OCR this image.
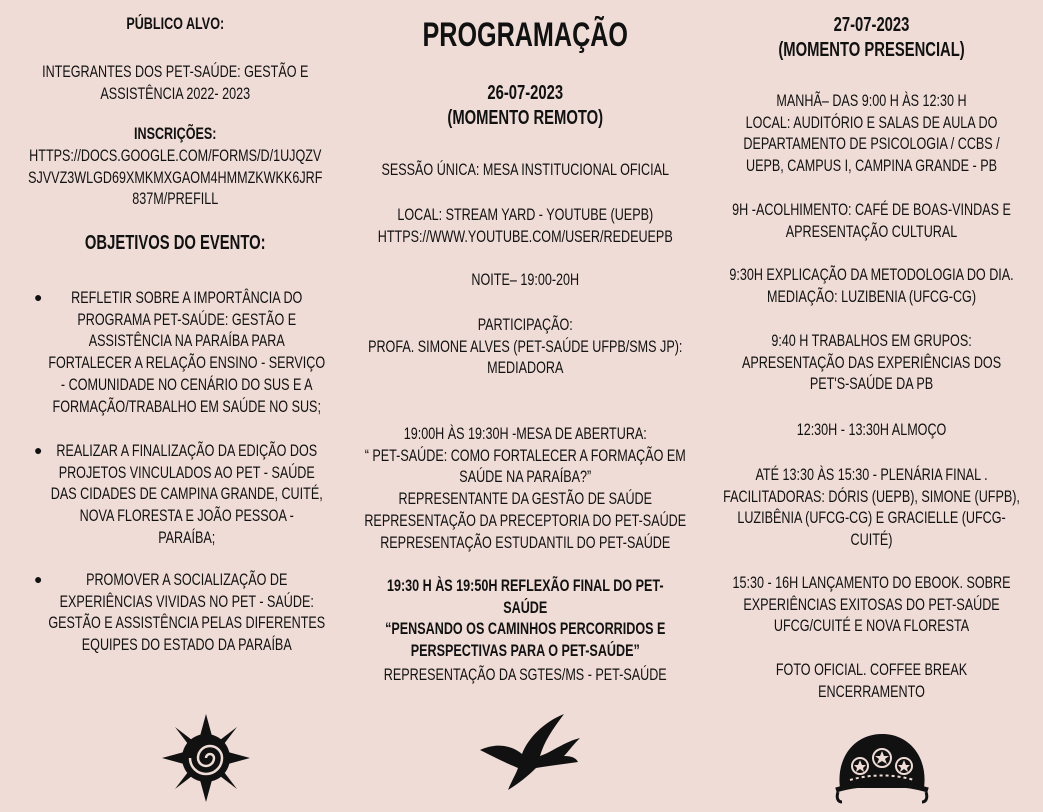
PÚBLICO ALVO:
INTEGRANTES DOS PET-SAÚDE: GESTÃO E
ASSISTÊNCIA 2022- 2023
INSCRIÇÕES:
HTTPS://DOCS.GOOGLE.COM/FORMS/D/1UJQZV
SJVVZ3WLGD69XMKMXGAOM4HMMZKWKK6JRF
837M/PREFILL
OBJETIVOS DO EVENTO:
●	REFLETIR SOBRE A IMPORTÂNCIA DO
PROGRAMA PET-SAÚDE: GESTÃO E
ASSISTÊNCIA NA PARAÍBA PARA
FORTALECER A RELAÇÃO ENSINO - SERVIÇO
- COMUNIDADE NO CENÁRIO DO SUS E A
FORMAÇÃO/TRABALHO EM SAÚDE NO SUS;
● REALIZAR A FINALIZAÇÃO DA EDIÇÃO DOS
PROJETOS VINCULADOS AO PET - SAÚDE
DAS CIDADES DE CAMPINA GRANDE, CUITÉ,
NOVA FLORESTA E JOÃO PESSOA -
PARAÍBA;
●	PROMOVER A SOCIALIZAÇÃO DE
EXPERIÊNCIAS VIVIDAS NO PET - SAÚDE:
GESTÃO E ASSISTÊNCIA PELAS DIFERENTES
EQUIPES DO ESTADO DA PARAÍBA
PROGRAMAÇÃO
26-07-2023
(MOMENTO REMOTO)
SESSÃO ÚNICA: MESA INSTITUCIONAL OFICIAL
LOCAL: STREAM YARD - YOUTUBE (UEPB)
HTTPS://WWW.YOUTUBE.COM/USER/REDEUEPB
NOITE– 19:00-20H
PARTICIPAÇÃO:
PROFA. SIMONE ALVES (PET-SAÚDE UFPB/SMS JP):
MEDIADORA
19:00H ÀS 19:30H -MESA DE ABERTURA:
“ PET-SAÚDE: COMO FORTALECER A FORMAÇÃO EM
SAÚDE NA PARAÍBA?”
REPRESENTANTE DA GESTÃO DE SAÚDE
REPRESENTAÇÃO DA PRECEPTORIA DO PET-SAÚDE
REPRESENTAÇÃO ESTUDANTIL DO PET-SAÚDE
19:30 H ÀS 19:50H REFLEXÃO FINAL DO PET-
SAÚDE
“PENSANDO OS CAMINHOS PERCORRIDOS E
PERSPECTIVAS PARA O PET-SAÚDE”
REPRESENTAÇÃO DA SGTES/MS - PET-SAÚDE
27-07-2023
(MOMENTO PRESENCIAL)
MANHÃ– DAS 9:00 H ÀS 12:30 H
LOCAL: AUDITÓRIO E SALAS DE AULA DO
DEPARTAMENTO DE PSICOLOGIA / CCBS /
UEPB, CAMPUS I, CAMPINA GRANDE - PB
9H -ACOLHIMENTO: CAFÉ DE BOAS-VINDAS E
APRESENTAÇÃO CULTURAL
9:30H EXPLICAÇÃO DA METODOLOGIA DO DIA.
MEDIAÇÃO: LUZIBENIA (UFCG-CG)
9:40 H TRABALHOS EM GRUPOS:
APRESENTAÇÃO DAS EXPERIÊNCIAS DOS
PET'S-SAÚDE DA PB
12:30H - 13:30H ALMOÇO
ATÉ 13:30 ÀS 15:30 - PLENÁRIA FINAL .
FACILITADORAS: DÓRIS (UEPB), SIMONE (UFPB),
LUZIBÊNIA (UFCG-CG) E GRACIELLE (UFCG-
CUITÉ)
15:30 - 16H LANÇAMENTO DO EBOOK. SOBRE
EXPERIÊNCIAS EXITOSAS DO PET-SAÚDE
UFCG/CUITÉ E NOVA FLORESTA
FOTO OFICIAL. COFFEE BREAK
ENCERRAMENTO
